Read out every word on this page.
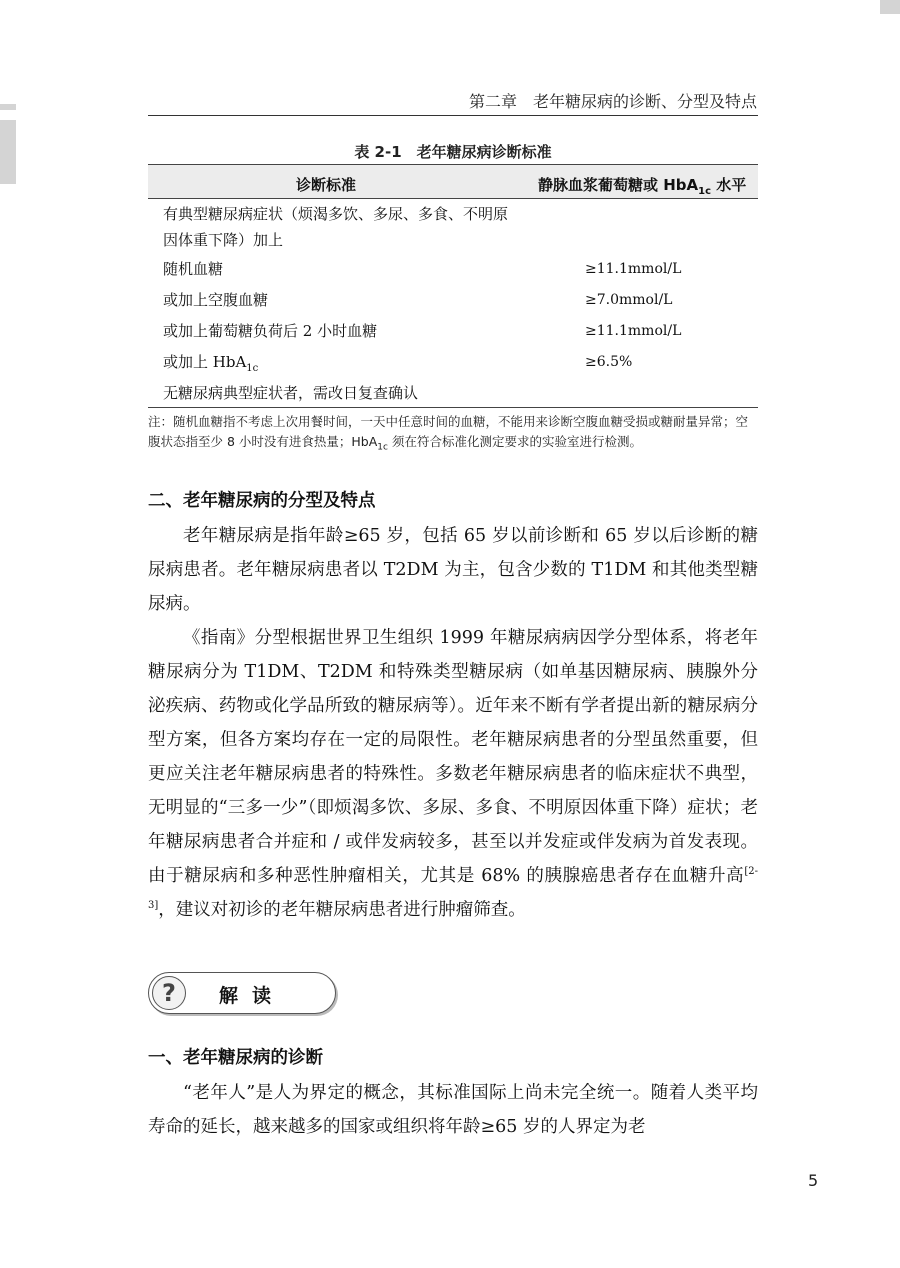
第二章　老年糖尿病的诊断、分型及特点
表 2-1　老年糖尿病诊断标准
诊断标准	静脉血浆葡萄糖或 HbA$_{1c}$ 水平
有典型糖尿病症状（烦渴多饮、多尿、多食、不明原因体重下降）加上
随机血糖	≥11.1mmol/L
或加上空腹血糖	≥7.0mmol/L
或加上葡萄糖负荷后 2 小时血糖	≥11.1mmol/L
或加上 HbA$_{1c}$	≥6.5%
无糖尿病典型症状者，需改日复查确认
注：随机血糖指不考虑上次用餐时间，一天中任意时间的血糖，不能用来诊断空腹血糖受损或糖耐量异常；空腹状态指至少 8 小时没有进食热量；HbA$_{1c}$ 须在符合标准化测定要求的实验室进行检测。
二、老年糖尿病的分型及特点

老年糖尿病是指年龄≥65 岁，包括 65 岁以前诊断和 65 岁以后诊断的糖尿病患者。老年糖尿病患者以 T2DM 为主，包含少数的 T1DM 和其他类型糖尿病。

《指南》分型根据世界卫生组织 1999 年糖尿病病因学分型体系，将老年糖尿病分为 T1DM、T2DM 和特殊类型糖尿病（如单基因糖尿病、胰腺外分泌疾病、药物或化学品所致的糖尿病等）。近年来不断有学者提出新的糖尿病分型方案，但各方案均存在一定的局限性。老年糖尿病患者的分型虽然重要，但更应关注老年糖尿病患者的特殊性。多数老年糖尿病患者的临床症状不典型，无明显的“三多一少”（即烦渴多饮、多尿、多食、不明原因体重下降）症状；老年糖尿病患者合并症和 / 或伴发病较多，甚至以并发症或伴发病为首发表现。由于糖尿病和多种恶性肿瘤相关，尤其是 68% 的胰腺癌患者存在血糖升高[2-3]，建议对初诊的老年糖尿病患者进行肿瘤筛查。

?	解读
一、老年糖尿病的诊断

“老年人”是人为界定的概念，其标准国际上尚未完全统一。随着人类平均寿命的延长，越来越多的国家或组织将年龄≥65 岁的人界定为老

5
